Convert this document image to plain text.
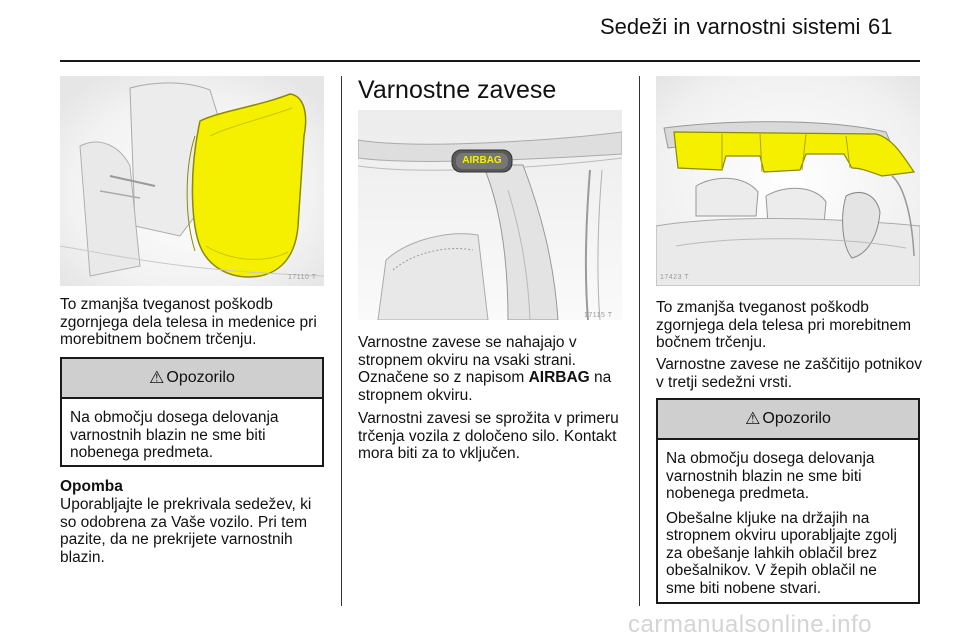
Sedeži in varnostni sistemi 61
17110 T

To zmanjša tveganost poškodb zgornjega dela telesa in medenice pri morebitnem bočnem trčenju.

⚠ Opozorilo

Na območju dosega delovanja varnostnih blazin ne sme biti nobenega predmeta.

Opomba

Uporabljajte le prekrivala sedežev, ki so odobrena za Vaše vozilo. Pri tem pazite, da ne prekrijete varnostnih blazin.

Varnostne zavese
AIRBAG
17115 T

Varnostne zavese se nahajajo v stropnem okviru na vsaki strani. Označene so z napisom AIRBAG na stropnem okviru.

Varnostni zavesi se sprožita v primeru trčenja vozila z določeno silo. Kontakt mora biti za to vključen.

17423 T

To zmanjša tveganost poškodb zgornjega dela telesa pri morebitnem bočnem trčenju.

Varnostne zavese ne zaščitijo potnikov v tretji sedežni vrsti.

⚠ Opozorilo

Na območju dosega delovanja varnostnih blazin ne sme biti nobenega predmeta.

Obešalne kljuke na držajih na stropnem okviru uporabljajte zgolj za obešanje lahkih oblačil brez obešalnikov. V žepih oblačil ne sme biti nobene stvari.

carmanualsonline.info
